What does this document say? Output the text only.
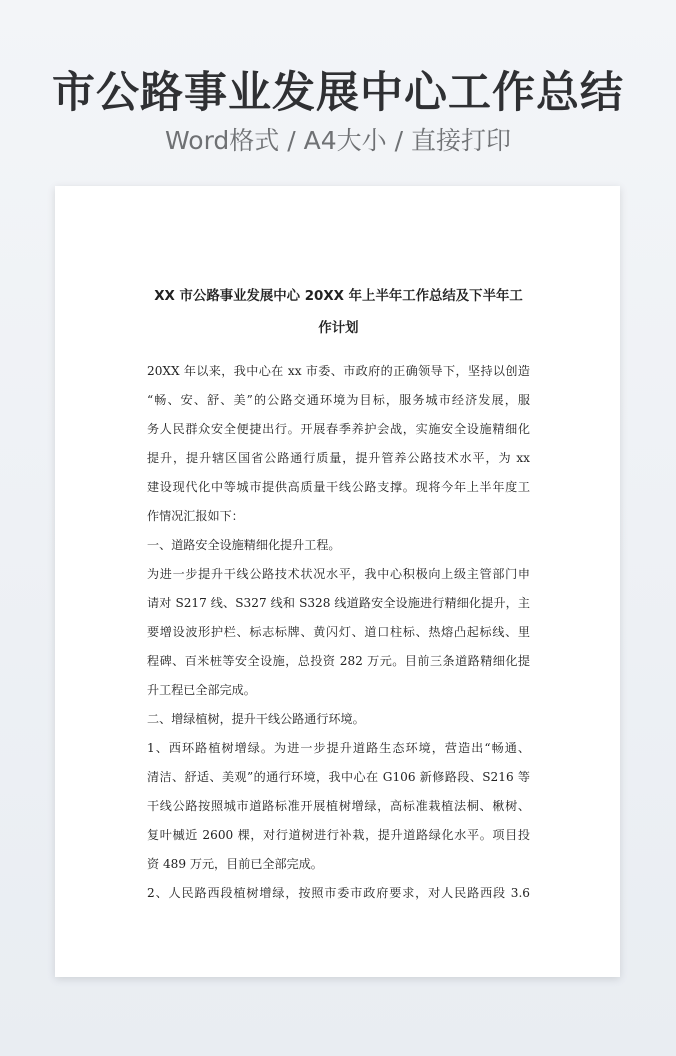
市公路事业发展中心工作总结
Word格式 / A4大小 / 直接打印
XX 市公路事业发展中心 20XX 年上半年工作总结及下半年工
作计划
20XX 年以来，我中心在 xx 市委、市政府的正确领导下，坚持以创造
“畅、安、舒、美”的公路交通环境为目标，服务城市经济发展，服
务人民群众安全便捷出行。开展春季养护会战，实施安全设施精细化
提升，提升辖区国省公路通行质量，提升管养公路技术水平，为 xx
建设现代化中等城市提供高质量干线公路支撑。现将今年上半年度工
作情况汇报如下：
一、道路安全设施精细化提升工程。
为进一步提升干线公路技术状况水平，我中心积极向上级主管部门申
请对 S217 线、S327 线和 S328 线道路安全设施进行精细化提升，主
要增设波形护栏、标志标牌、黄闪灯、道口柱标、热熔凸起标线、里
程碑、百米桩等安全设施，总投资 282 万元。目前三条道路精细化提
升工程已全部完成。
二、增绿植树，提升干线公路通行环境。
1、西环路植树增绿。为进一步提升道路生态环境，营造出“畅通、
清洁、舒适、美观”的通行环境，我中心在 G106 新修路段、S216 等
干线公路按照城市道路标准开展植树增绿，高标准栽植法桐、楸树、
复叶槭近 2600 棵，对行道树进行补栽，提升道路绿化水平。项目投
资 489 万元，目前已全部完成。
2、人民路西段植树增绿，按照市委市政府要求，对人民路西段 3.6
